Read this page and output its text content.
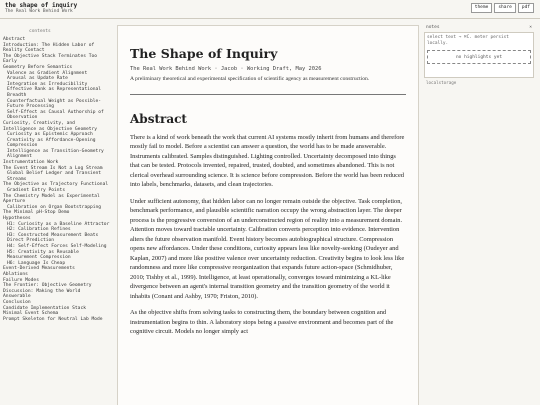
the shape of inquiry
The Real Work Behind Work
theme	share	pdf
contents
Abstract
Introduction: The Hidden Labor of Reality Contact
The Objective Stack Terminates Too Early
Geometry Before Semantics
Valence as Gradient Alignment
Arousal as Update Rate
Integration as Irreducibility
Effective Rank as Representational Breadth
Counterfactual Weight as Possible-Future Processing
Self-Effect as Causal Authorship of Observation
Curiosity, Creativity, and Intelligence as Objective Geometry
Curiosity as Epistemic Approach
Creativity as Affordance-Opening Compression
Intelligence as Transition-Geometry Alignment
Instrumentation Work
The Event Stream Is Not a Log Stream
Global Belief Ledger and Transient Streams
The Objective as Trajectory Functional
Gradient Entry Points
The Chemistry Model as Experimental Aperture
Calibration on Organ Bootstrapping
The Minimal pH-Stop Demo
Hypotheses
H1: Curiosity as a Baseline Attractor
H2: Calibration Refines
H3: Constructed Measurement Beats Direct Prediction
H4: Self-Effect Forces Self-Modeling
H5: Creativity as Reusable Measurement Compression
H6: Language Is Cheap
Event-Derived Measurements
Ablations
Failure Modes
The Frontier: Objective Geometry
Discussion: Making the World Answerable
Conclusion
Candidate Implementation Stack
Minimal Event Schema
Prompt Skeleton for Neutral Lab Mode
The Shape of Inquiry
The Real Work Behind Work · Jacob · Working Draft, May 2026
A preliminary theoretical and experimental specification of scientific agency as measurement construction.
Abstract

There is a kind of work beneath the work that current AI systems mostly inherit from humans and therefore mostly fail to model. Before a scientist can answer a question, the world has to be made answerable. Instruments calibrated. Samples distinguished. Lighting controlled. Uncertainty decomposed into things that can be tested. Protocols invented, repaired, trusted, doubted, and sometimes abandoned. This is not clerical overhead surrounding science. It is science before compression. Before the world has been reduced into labels, benchmarks, datasets, and clean trajectories.

Under sufficient autonomy, that hidden labor can no longer remain outside the objective. Task completion, benchmark performance, and plausible scientific narration occupy the wrong abstraction layer. The deeper process is the progressive conversion of an underconstructed region of reality into a measurement domain. Attention moves toward tractable uncertainty. Calibration converts perception into evidence. Intervention alters the future observation manifold. Event history becomes autobiographical structure. Compression opens new affordances. Under these conditions, curiosity appears less like novelty-seeking (Oudeyer and Kaplan, 2007) and more like positive valence over uncertainty reduction. Creativity begins to look less like randomness and more like compressive reorganization that expands future action-space (Schmidhuber, 2010; Tishby et al., 1999). Intelligence, at least operationally, converges toward minimizing a KL-like divergence between an agent's internal transition geometry and the transition geometry of the world it inhabits (Conant and Ashby, 1970; Friston, 2010).

As the objective shifts from solving tasks to constructing them, the boundary between cognition and instrumentation begins to thin. A laboratory stops being a passive environment and becomes part of the cognitive circuit. Models no longer simply act

notes	×
select text → ⌘C. meter persist locally.
no highlights yet
localstorage
